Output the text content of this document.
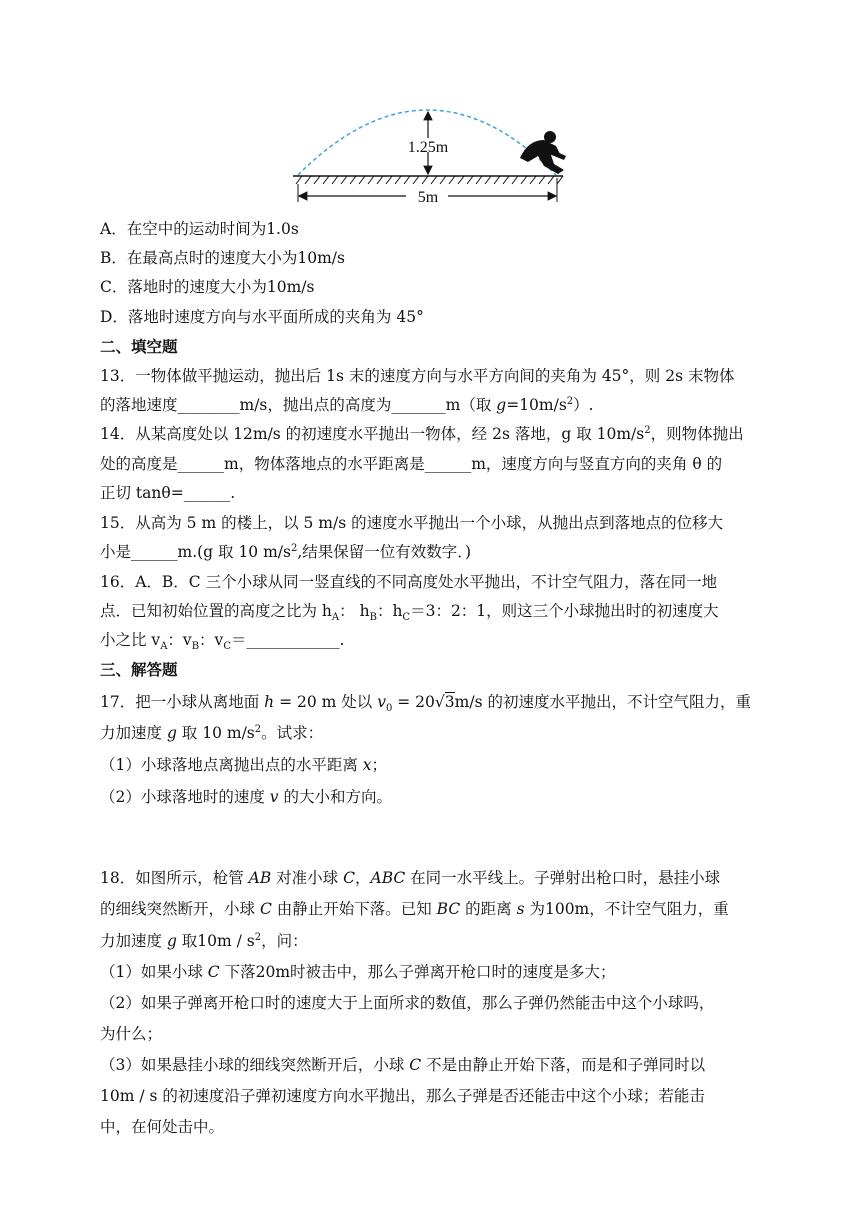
1.25m
5m
A．在空中的运动时间为1.0s
B．在最高点时的速度大小为10m/s
C．落地时的速度大小为10m/s
D．落地时速度方向与水平面所成的夹角为 45°
二、填空题
13．一物体做平抛运动，抛出后 1s 末的速度方向与水平方向间的夹角为 45°，则 2s 末物体
的落地速度________m/s，抛出点的高度为_______m（取 $g=10m/s^2$）.
14．从某高度处以 12m/s 的初速度水平抛出一物体，经 2s 落地，g 取 $10m/s^2$，则物体抛出
处的高度是______m，物体落地点的水平距离是______m，速度方向与竖直方向的夹角 θ 的
正切 tanθ=______.
15．从高为 5 m 的楼上，以 5 m/s 的速度水平抛出一个小球，从抛出点到落地点的位移大
小是______m.(g 取 10 $m/s^2$,结果保留一位有效数字．)
16．A．B．C 三个小球从同一竖直线的不同高度处水平抛出，不计空气阻力，落在同一地
点．已知初始位置的高度之比为 $h_A$： $h_B$：$h_C=3$：2：1，则这三个小球抛出时的初速度大
小之比 $v_A$：$v_B$：$v_C=\_\_\_\_\_\_\_\_\_\_\_\_$.
三、解答题
17．把一小球从离地面 h = 20 m 处以 $v_0 = 20√3m/s$ 的初速度水平抛出，不计空气阻力，重
力加速度 g 取 10 $m/s^2$。试求：
（1）小球落地点离抛出点的水平距离 x；
（2）小球落地时的速度 v 的大小和方向。
18．如图所示，枪管 AB 对准小球 C，ABC 在同一水平线上。子弹射出枪口时，悬挂小球
的细线突然断开，小球 C 由静止开始下落。已知 BC 的距离 s 为100m，不计空气阻力，重
力加速度 g 取$10m / s^2$，问：
（1）如果小球 C 下落20m时被击中，那么子弹离开枪口时的速度是多大；
（2）如果子弹离开枪口时的速度大于上面所求的数值，那么子弹仍然能击中这个小球吗，
为什么；
（3）如果悬挂小球的细线突然断开后，小球 C 不是由静止开始下落，而是和子弹同时以
10m / s 的初速度沿子弹初速度方向水平抛出，那么子弹是否还能击中这个小球；若能击
中，在何处击中。
